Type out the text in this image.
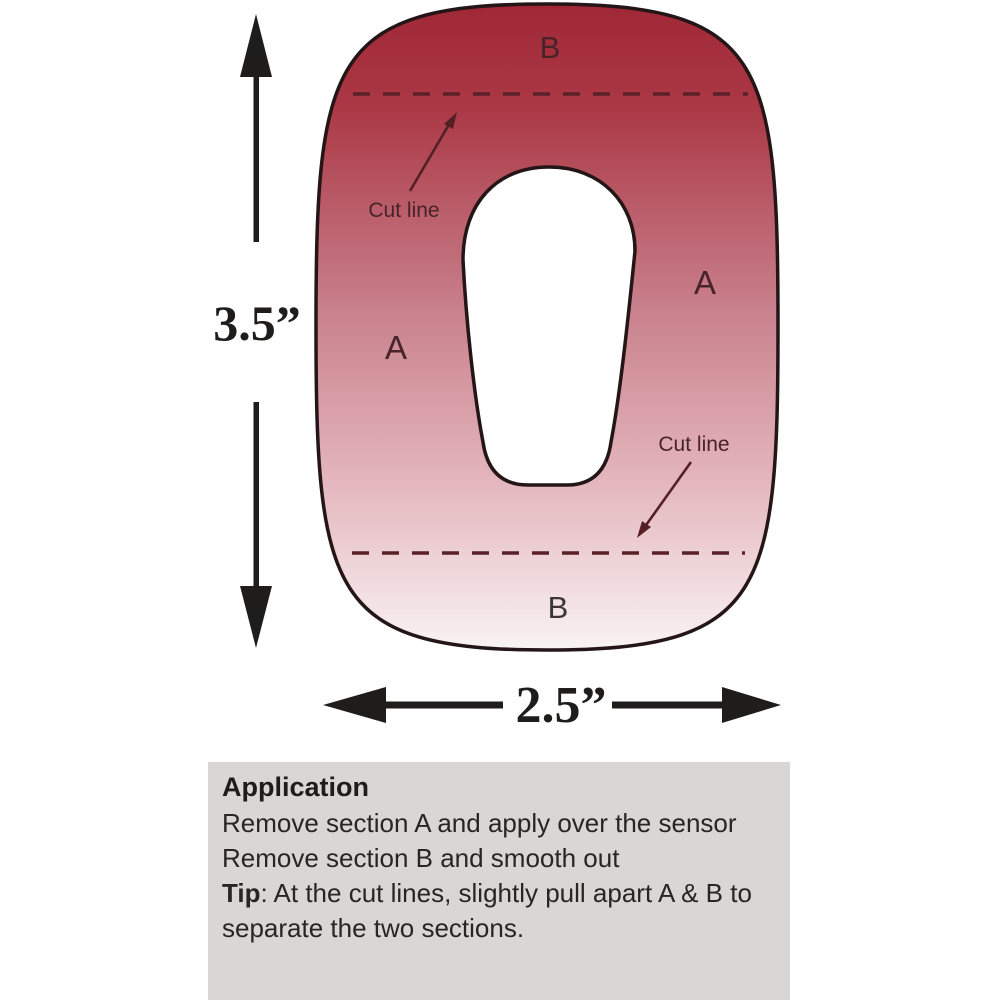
Cut line
Cut line
B
A
A
B
3.5”
2.5”
Application

Remove section A and apply over the sensor

Remove section B and smooth out

Tip: At the cut lines, slightly pull apart A & B to

separate the two sections.
